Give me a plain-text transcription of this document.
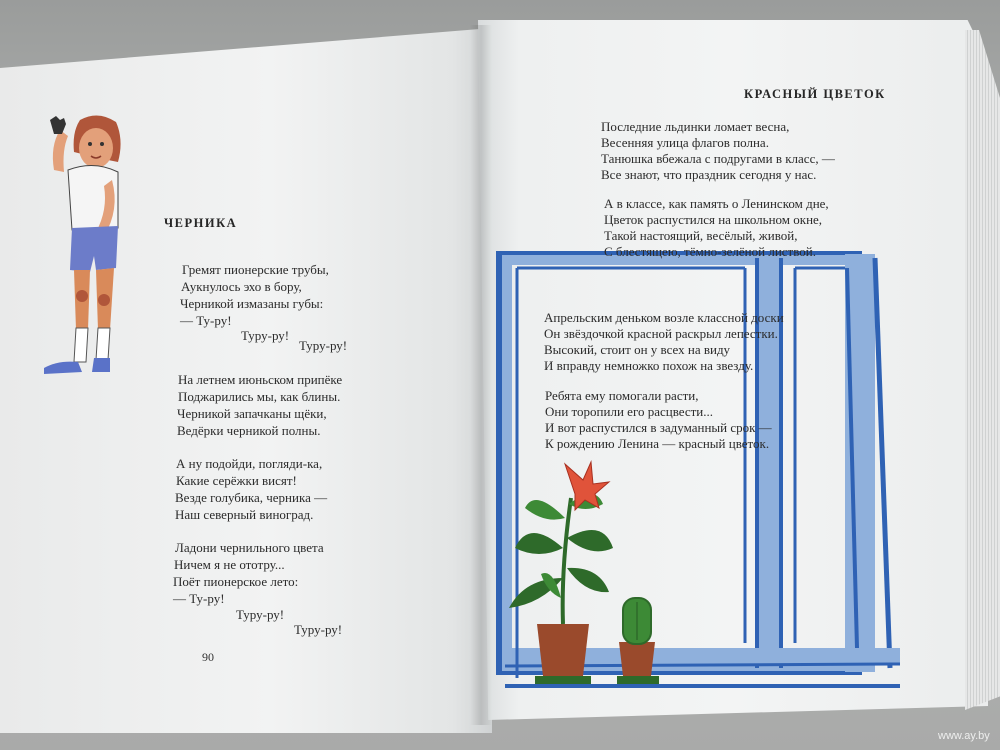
ЧЕРНИКА
Гремят пионерские трубы,
Аукнулось эхо в бору,
Черникой измазаны губы:
— Ту-ру!
Туру-ру!
Туру-ру!
На летнем июньском припёке
Поджарились мы, как блины.
Черникой запачканы щёки,
Ведёрки черникой полны.
А ну подойди, погляди-ка,
Какие серёжки висят!
Везде голубика, черника —
Наш северный виноград.
Ладони чернильного цвета
Ничем я не ототру...
Поёт пионерское лето:
— Ту-ру!
Туру-ру!
Туру-ру!
90
КРАСНЫЙ ЦВЕТОК
Последние льдинки ломает весна,
Весенняя улица флагов полна.
Танюшка вбежала с подругами в класс, —
Все знают, что праздник сегодня у нас.
А в классе, как память о Ленинском дне,
Цветок распустился на школьном окне,
Такой настоящий, весёлый, живой,
С блестящею, тёмно-зелёной листвой.
Апрельским деньком возле классной доски
Он звёздочкой красной раскрыл лепестки.
Высокий, стоит он у всех на виду
И вправду немножко похож на звезду.
Ребята ему помогали расти,
Они торопили его расцвести...
И вот распустился в задуманный срок —
К рождению Ленина — красный цветок.
www.ay.by
